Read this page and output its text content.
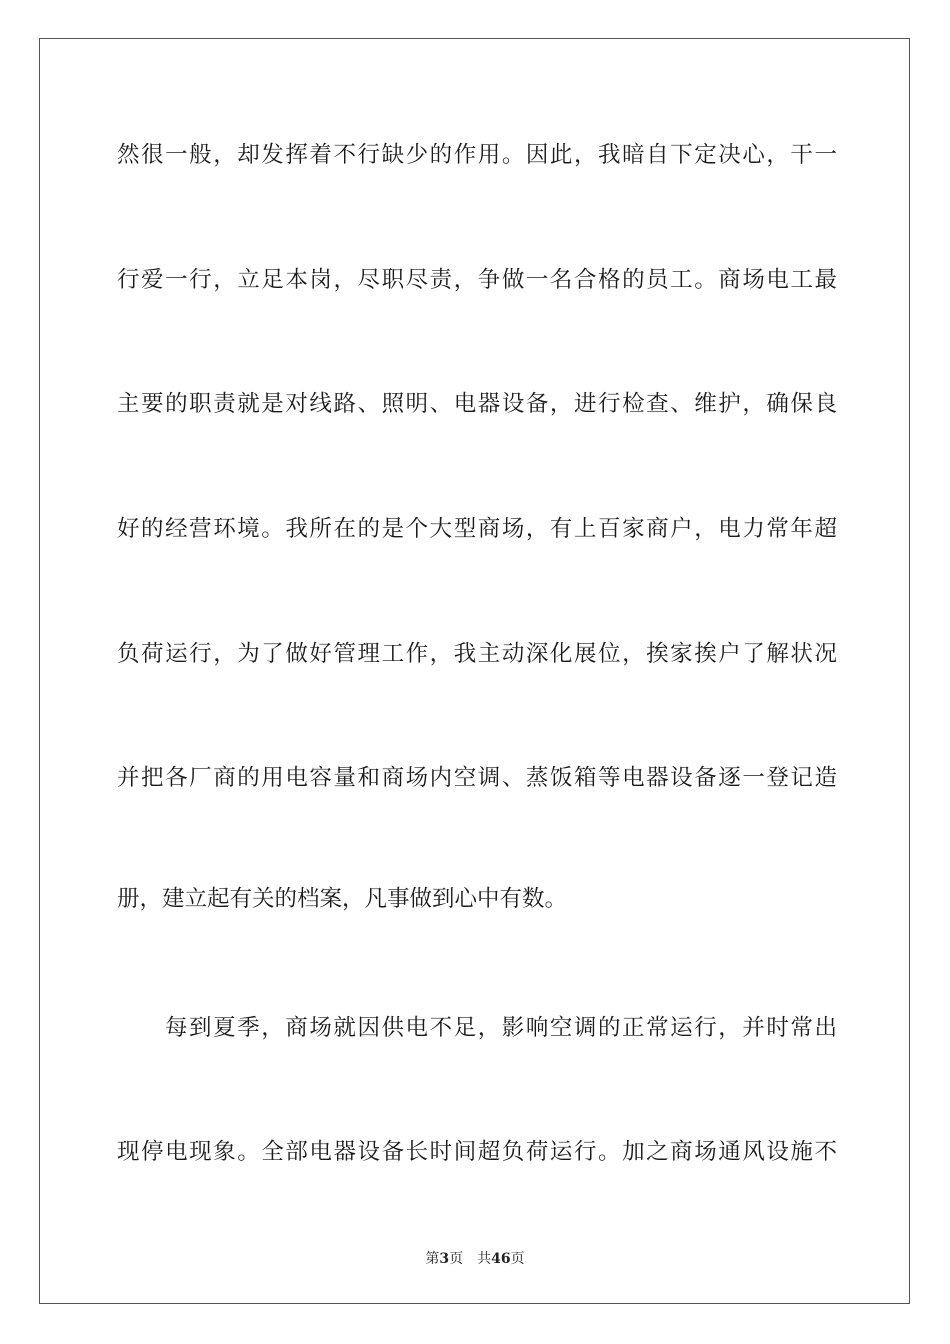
然很一般，却发挥着不行缺少的作用。因此，我暗自下定决心，干一
行爱一行，立足本岗，尽职尽责，争做一名合格的员工。商场电工最
主要的职责就是对线路、照明、电器设备，进行检查、维护，确保良
好的经营环境。我所在的是个大型商场，有上百家商户，电力常年超
负荷运行，为了做好管理工作，我主动深化展位，挨家挨户了解状况
并把各厂商的用电容量和商场内空调、蒸饭箱等电器设备逐一登记造
册，建立起有关的档案，凡事做到心中有数。
每到夏季，商场就因供电不足，影响空调的正常运行，并时常出
现停电现象。全部电器设备长时间超负荷运行。加之商场通风设施不
第3页 共46页
